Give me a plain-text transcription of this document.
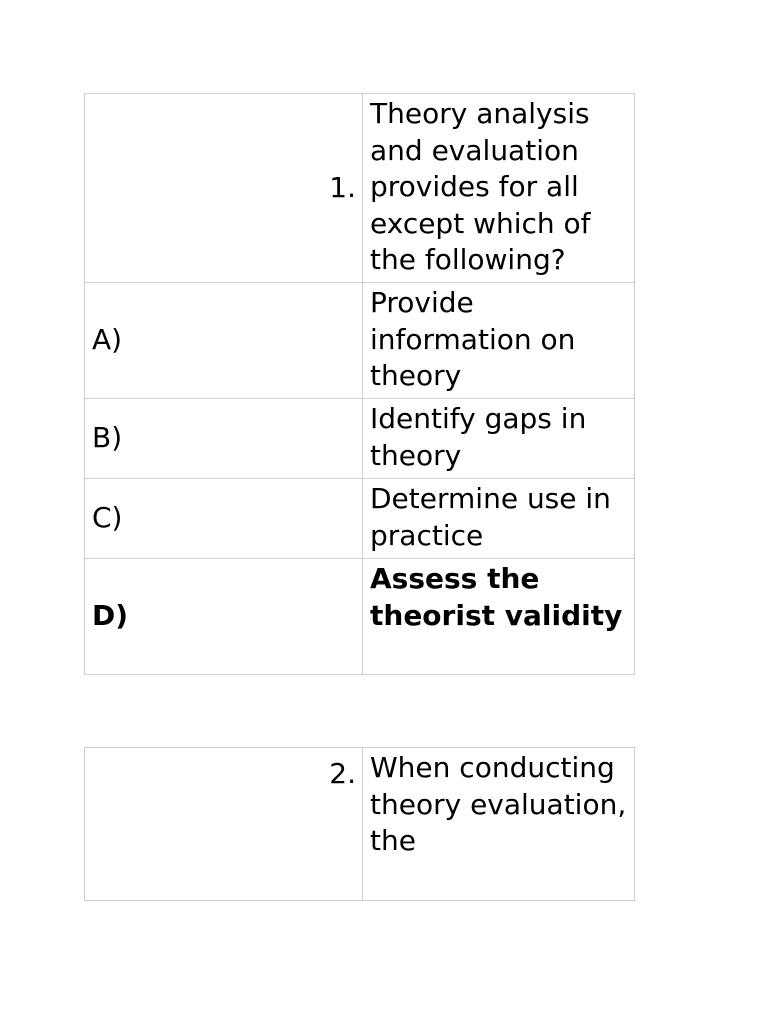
1.	Theory analysis and evaluation provides for all except which of the following?
A)	Provide information on theory
B)	Identify gaps in theory
C)	Determine use in practice
D)	Assess the theorist validity
2.	When conducting theory evaluation, the
